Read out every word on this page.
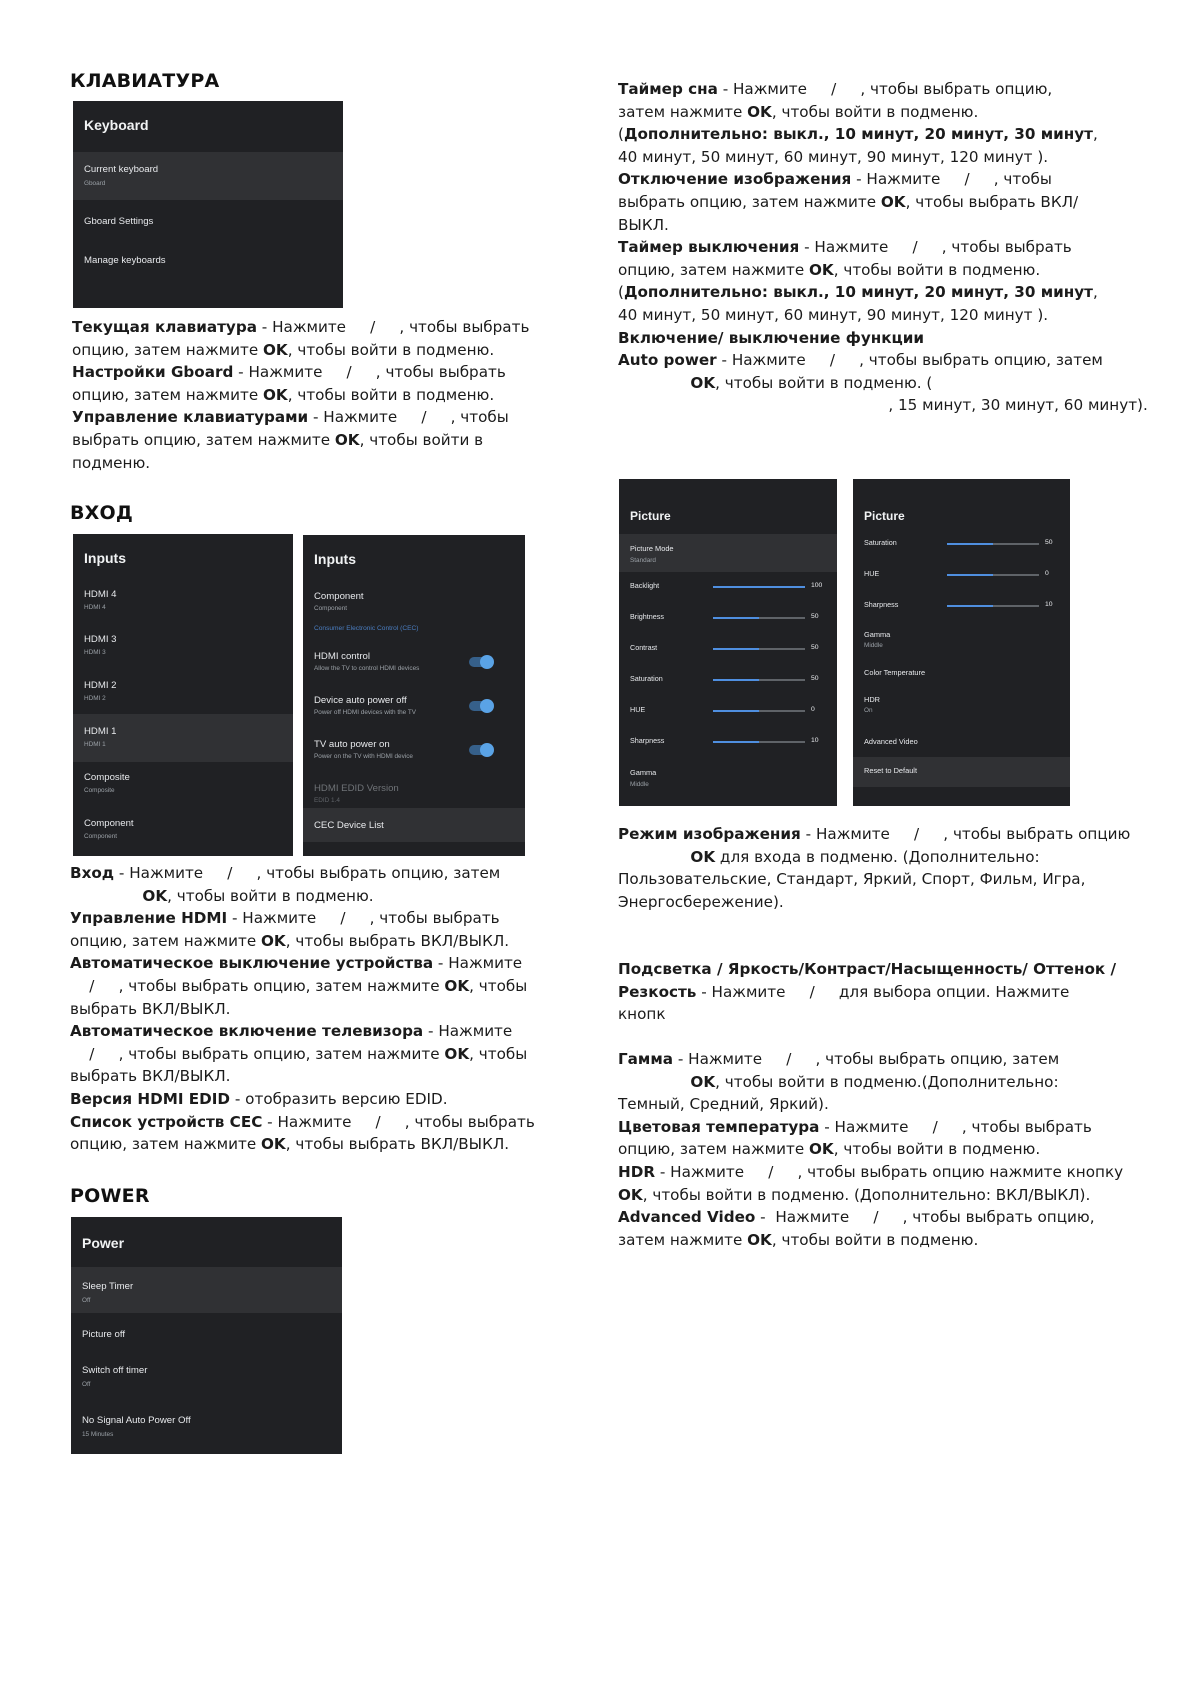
КЛАВИАТУРА
Keyboard
Current keyboard
Gboard
Gboard Settings
Manage keyboards

Текущая клавиатура - Нажмите     /     , чтобы выбрать

опцию, затем нажмите OK, чтобы войти в подменю.

Настройки Gboard - Нажмите     /     , чтобы выбрать

опцию, затем нажмите OK, чтобы войти в подменю.

Управление клавиатурами - Нажмите     /     , чтобы

выбрать опцию, затем нажмите OK, чтобы войти в

подменю.

ВХОД
Inputs
HDMI 4
HDMI 4
HDMI 3
HDMI 3
HDMI 2
HDMI 2
HDMI 1
HDMI 1
Composite
Composite
Component
Component
Inputs
Component
Component
Consumer Electronic Control (CEC)
HDMI control
Allow the TV to control HDMI devices
Device auto power off
Power off HDMI devices with the TV
TV auto power on
Power on the TV with HDMI device
HDMI EDID Version
EDID 1.4
CEC Device List

Вход - Нажмите     /     , чтобы выбрать опцию, затем

OK, чтобы войти в подменю.

Управление HDMI - Нажмите     /     , чтобы выбрать

опцию, затем нажмите OK, чтобы выбрать ВКЛ/ВЫКЛ.

Автоматическое выключение устройства - Нажмите

/     , чтобы выбрать опцию, затем нажмите OK, чтобы

выбрать ВКЛ/ВЫКЛ.

Автоматическое включение телевизора - Нажмите

/     , чтобы выбрать опцию, затем нажмите OK, чтобы

выбрать ВКЛ/ВЫКЛ.

Версия HDMI EDID - отобразить версию EDID.

Список устройств CEC - Нажмите     /     , чтобы выбрать

опцию, затем нажмите OK, чтобы выбрать ВКЛ/ВЫКЛ.

POWER
Power
Sleep Timer
Off
Picture off
Switch off timer
Off
No Signal Auto Power Off
15 Minutes

Таймер сна - Нажмите     /     , чтобы выбрать опцию,

затем нажмите OK, чтобы войти в подменю.

(Дополнительно: выкл., 10 минут, 20 минут, 30 минут,

40 минут, 50 минут, 60 минут, 90 минут, 120 минут ).

Отключение изображения - Нажмите     /     , чтобы

выбрать опцию, затем нажмите OK, чтобы выбрать ВКЛ/

ВЫКЛ.

Таймер выключения - Нажмите     /     , чтобы выбрать

опцию, затем нажмите OK, чтобы войти в подменю.

(Дополнительно: выкл., 10 минут, 20 минут, 30 минут,

40 минут, 50 минут, 60 минут, 90 минут, 120 минут ).

Включение/ выключение функции

Auto power - Нажмите     /     , чтобы выбрать опцию, затем

OK, чтобы войти в подменю. (

, 15 минут, 30 минут, 60 минут).

Picture
Picture Mode
Standard
Backlight	100
Brightness	50
Contrast	50
Saturation	50
HUE	0
Sharpness	10
Gamma
Middle
Picture
Saturation	50
HUE	0
Sharpness	10
Gamma
Middle
Color Temperature
HDR
On
Advanced Video
Reset to Default

Режим изображения - Нажмите     /     , чтобы выбрать опцию

OK для входа в подменю. (Дополнительно:

Пользовательские, Стандарт, Яркий, Спорт, Фильм, Игра,

Энергосбережение).

Подсветка / Яркость/Контраст/Насыщенность/ Оттенок /

Резкость - Нажмите     /     для выбора опции. Нажмите

кнопк

Гамма - Нажмите     /     , чтобы выбрать опцию, затем

OK, чтобы войти в подменю.(Дополнительно:

Темный, Средний, Яркий).

Цветовая температура - Нажмите     /     , чтобы выбрать

опцию, затем нажмите OK, чтобы войти в подменю.

HDR - Нажмите     /     , чтобы выбрать опцию нажмите кнопку

OK, чтобы войти в подменю. (Дополнительно: ВКЛ/ВЫКЛ).

Advanced Video -  Нажмите     /     , чтобы выбрать опцию,

затем нажмите OK, чтобы войти в подменю.
